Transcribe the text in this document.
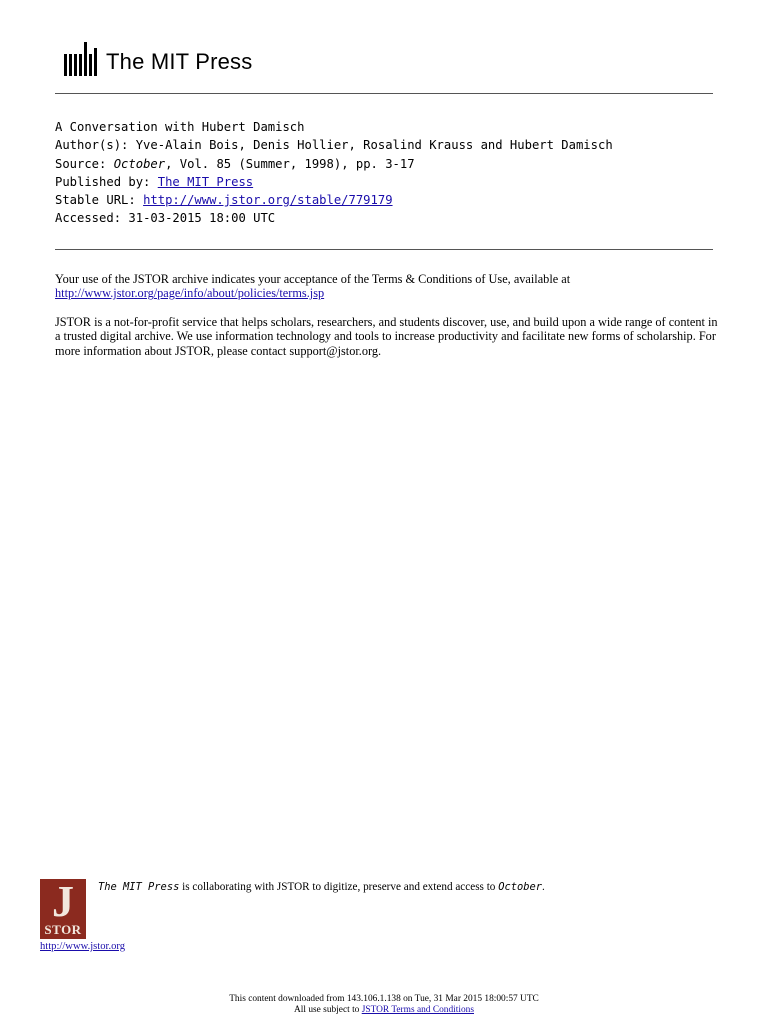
The MIT Press
A Conversation with Hubert Damisch
Author(s): Yve-Alain Bois, Denis Hollier, Rosalind Krauss and Hubert Damisch
Source: October, Vol. 85 (Summer, 1998), pp. 3-17
Published by: The MIT Press
Stable URL: http://www.jstor.org/stable/779179
Accessed: 31-03-2015 18:00 UTC
Your use of the JSTOR archive indicates your acceptance of the Terms & Conditions of Use, available at
http://www.jstor.org/page/info/about/policies/terms.jsp
JSTOR is a not-for-profit service that helps scholars, researchers, and students discover, use, and build upon a wide range of content in a trusted digital archive. We use information technology and tools to increase productivity and facilitate new forms of scholarship. For more information about JSTOR, please contact support@jstor.org.
J
STOR
The MIT Press is collaborating with JSTOR to digitize, preserve and extend access to October.
http://www.jstor.org
This content downloaded from 143.106.1.138 on Tue, 31 Mar 2015 18:00:57 UTC
All use subject to JSTOR Terms and Conditions
